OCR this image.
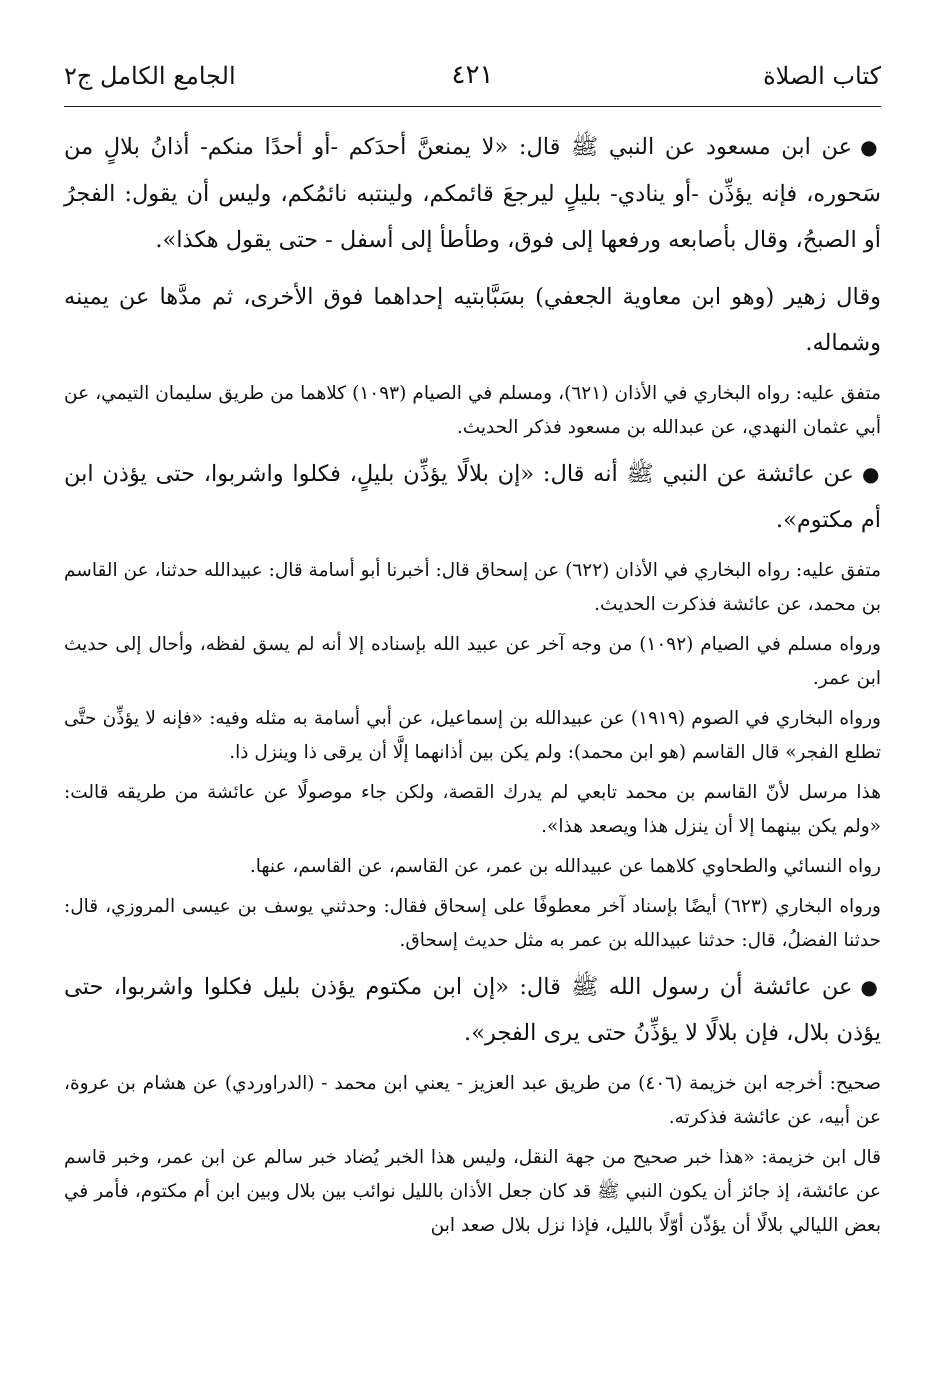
كتاب الصلاة
٤٢١
الجامع الكامل ج٢

●عن ابن مسعود عن النبي ﷺ قال: «لا يمنعنَّ أحدَكم -أو أحدًا منكم- أذانُ بلالٍ من سَحوره، فإنه يؤذِّن -أو ينادي- بليلٍ ليرجعَ قائمكم، ولينتبه نائمُكم، وليس أن يقول: الفجرُ أو الصبحُ، وقال بأصابعه ورفعها إلى فوق، وطأطأ إلى أسفل - حتى يقول هكذا».

وقال زهير (وهو ابن معاوية الجعفي) بسَبَّابتيه إحداهما فوق الأخرى، ثم مدَّها عن يمينه وشماله.

متفق عليه: رواه البخاري في الأذان (٦٢١)، ومسلم في الصيام (١٠٩٣) كلاهما من طريق سليمان التيمي، عن أبي عثمان النهدي، عن عبدالله بن مسعود فذكر الحديث.

●عن عائشة عن النبي ﷺ أنه قال: «إن بلالًا يؤذِّن بليلٍ، فكلوا واشربوا، حتى يؤذن ابن أم مكتوم».

متفق عليه: رواه البخاري في الأذان (٦٢٢) عن إسحاق قال: أخبرنا أبو أسامة قال: عبيدالله حدثنا، عن القاسم بن محمد، عن عائشة فذكرت الحديث.

ورواه مسلم في الصيام (١٠٩٢) من وجه آخر عن عبيد الله بإسناده إلا أنه لم يسق لفظه، وأحال إلى حديث ابن عمر.

ورواه البخاري في الصوم (١٩١٩) عن عبيدالله بن إسماعيل، عن أبي أسامة به مثله وفيه: «فإنه لا يؤذِّن حتَّى تطلع الفجر» قال القاسم (هو ابن محمد): ولم يكن بين أذانهما إلَّا أن يرقى ذا وينزل ذا.

هذا مرسل لأنّ القاسم بن محمد تابعي لم يدرك القصة، ولكن جاء موصولًا عن عائشة من طريقه قالت: «ولم يكن بينهما إلا أن ينزل هذا ويصعد هذا».

رواه النسائي والطحاوي كلاهما عن عبيدالله بن عمر، عن القاسم، عن القاسم، عنها.

ورواه البخاري (٦٢٣) أيضًا بإسناد آخر معطوفًا على إسحاق فقال: وحدثني يوسف بن عيسى المروزي، قال: حدثنا الفضلُ، قال: حدثنا عبيدالله بن عمر به مثل حديث إسحاق.

●عن عائشة أن رسول الله ﷺ قال: «إن ابن مكتوم يؤذن بليل فكلوا واشربوا، حتى يؤذن بلال، فإن بلالًا لا يؤذِّنُ حتى يرى الفجر».

صحيح: أخرجه ابن خزيمة (٤٠٦) من طريق عبد العزيز - يعني ابن محمد - (الدراوردي) عن هشام بن عروة، عن أبيه، عن عائشة فذكرته.

قال ابن خزيمة: «هذا خبر صحيح من جهة النقل، وليس هذا الخبر يُضاد خبر سالم عن ابن عمر، وخبر قاسم عن عائشة، إذ جائز أن يكون النبي ﷺ قد كان جعل الأذان بالليل نوائب بين بلال وبين ابن أم مكتوم، فأمر في بعض الليالي بلالًا أن يؤذّن أوّلًا بالليل، فإذا نزل بلال صعد ابن
